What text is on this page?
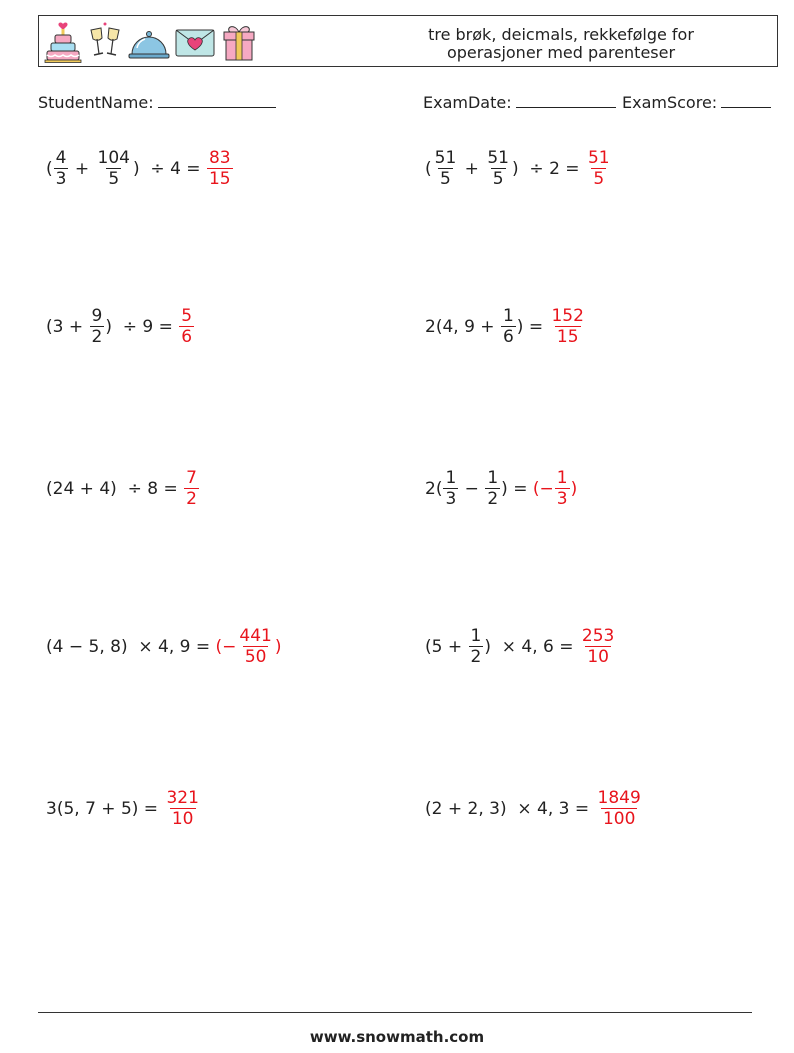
tre brøk, deicmals, rekkefølge for
operasjoner med parenteser
StudentName:	ExamDate:	ExamScore:
( $\frac{4}{3} + \frac{104}{5}$ )  ÷ $4 = \frac{83}{15}$	( $\frac{51}{5} + \frac{51}{5}$ )  ÷ $2 = \frac{51}{5}$
($3 + \frac{9}{2}$ )  ÷ $9 = \frac{5}{6}$	2(4, $9 + \frac{1}{6}$ ) = $\frac{152}{15}$
$(24 + 4) \div 8 = \frac{7}{2}$	$2( \frac{1}{3} - \frac{1}{2}$ ) = (− $\frac{1}{3}$ )
(4 − 5, 8)  × 4, 9 = (− $\frac{441}{50}$ )	($5 + \frac{1}{2}$ )  × 4, $6 = \frac{253}{10}$
3(5, $7 + 5) = \frac{321}{10}$	(2 + 2, 3)  × 4, $3 = \frac{1849}{100}$
www.snowmath.com
